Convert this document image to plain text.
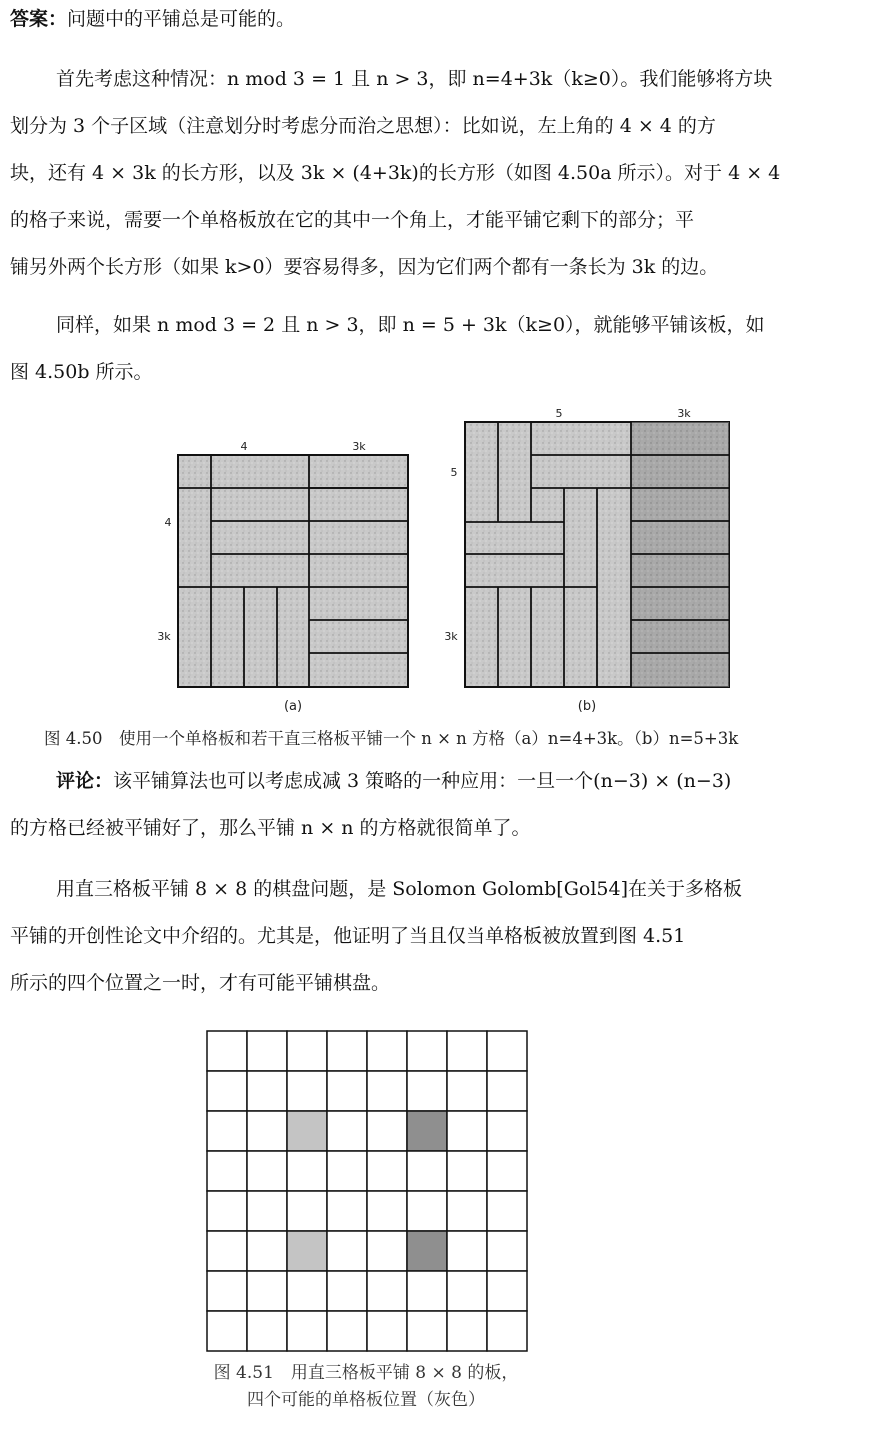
答案：问题中的平铺总是可能的。

首先考虑这种情况：n mod 3 = 1 且 n > 3，即 n=4+3k（k≥0）。我们能够将方块
划分为 3 个子区域（注意划分时考虑分而治之思想）：比如说，左上角的 4 × 4 的方
块，还有 4 × 3k 的长方形，以及 3k × (4+3k)的长方形（如图 4.50a 所示）。对于 4 × 4
的格子来说，需要一个单格板放在它的其中一个角上，才能平铺它剩下的部分；平
铺另外两个长方形（如果 k>0）要容易得多，因为它们两个都有一条长为 3k 的边。
同样，如果 n mod 3 = 2 且 n > 3，即 n = 5 + 3k（k≥0），就能够平铺该板，如
图 4.50b 所示。
4	3k
4
3k
(a)
5	3k
5
3k
(b)
图 4.50　使用一个单格板和若干直三格板平铺一个 n × n 方格（a）n=4+3k。（b）n=5+3k
评论：该平铺算法也可以考虑成减 3 策略的一种应用：一旦一个(n−3) × (n−3)
的方格已经被平铺好了，那么平铺 n × n 的方格就很简单了。
用直三格板平铺 8 × 8 的棋盘问题，是 Solomon Golomb[Gol54]在关于多格板
平铺的开创性论文中介绍的。尤其是，他证明了当且仅当单格板被放置到图 4.51
所示的四个位置之一时，才有可能平铺棋盘。
图 4.51　用直三格板平铺 8 × 8 的板，
四个可能的单格板位置（灰色）
